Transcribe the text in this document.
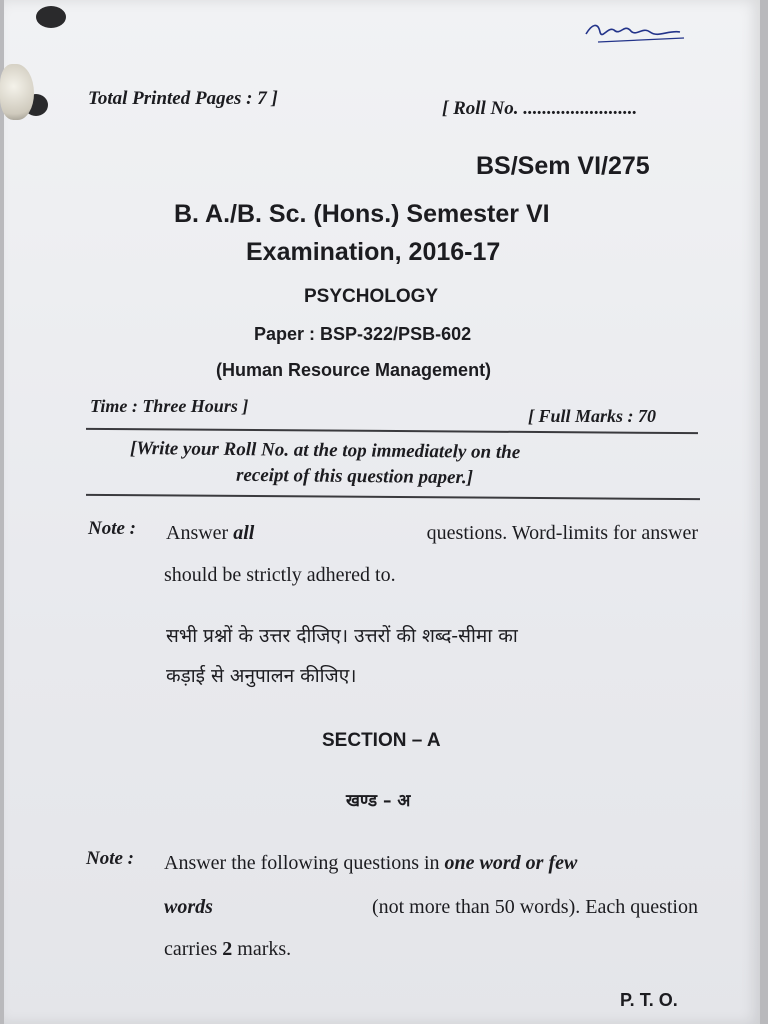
Total Printed Pages : 7 ]	[ Roll No. ........................
BS/Sem VI/275
B. A./B. Sc. (Hons.) Semester VI
Examination, 2016-17
PSYCHOLOGY
Paper : BSP-322/PSB-602
(Human Resource Management)
Time : Three Hours ]	[ Full Marks : 70
[Write your Roll No. at the top immediately on the
receipt of this question paper.]
Note : Answer all	questions. Word-limits for answer
should be strictly adhered to.
सभी प्रश्नों के उत्तर दीजिए। उत्तरों की शब्द-सीमा का
कड़ाई से अनुपालन कीजिए।
SECTION – A
खण्ड – अ
Note : Answer the following questions in one word or few
words	(not more than 50 words). Each question
carries 2 marks.
P. T. O.
